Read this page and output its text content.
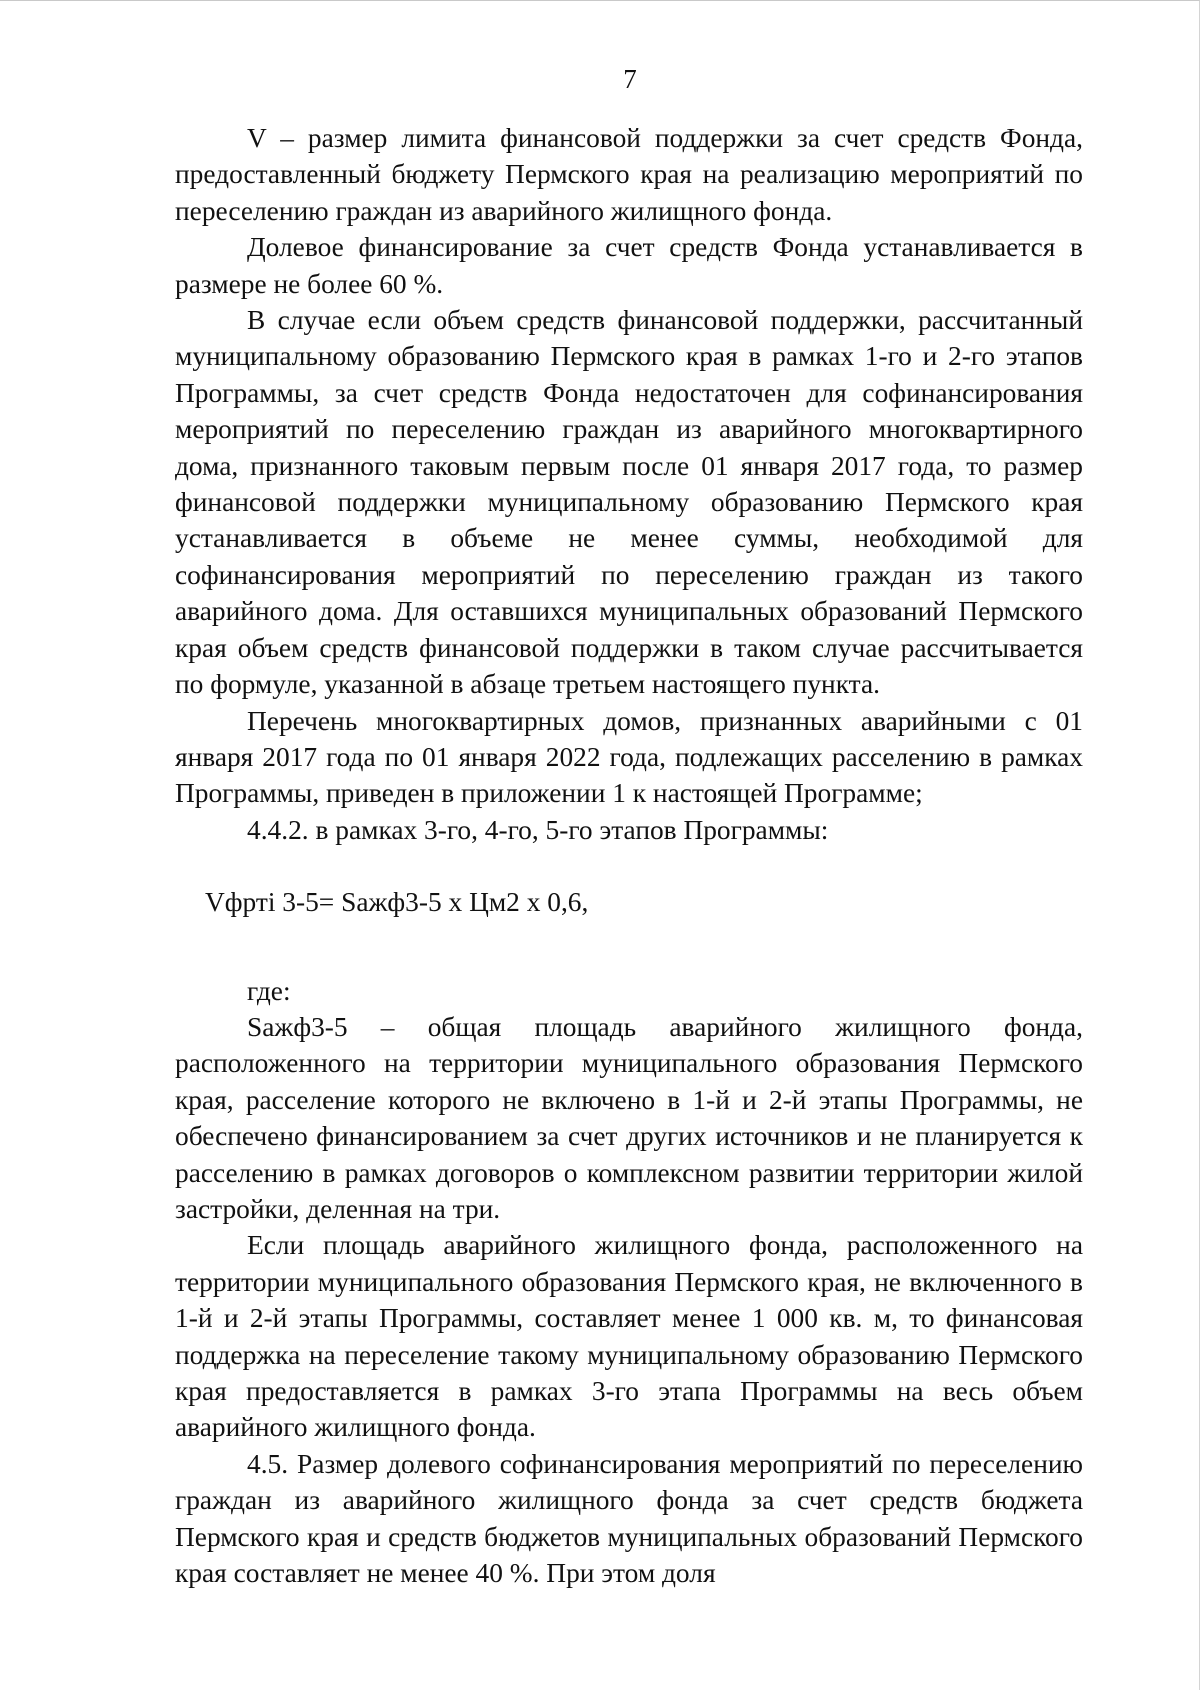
7

V – размер лимита финансовой поддержки за счет средств Фонда, предоставленный бюджету Пермского края на реализацию мероприятий по переселению граждан из аварийного жилищного фонда.

Долевое финансирование за счет средств Фонда устанавливается в размере не более 60 %.

В случае если объем средств финансовой поддержки, рассчитанный муниципальному образованию Пермского края в рамках 1-го и 2-го этапов Программы, за счет средств Фонда недостаточен для софинансирования мероприятий по переселению граждан из аварийного многоквартирного дома, признанного таковым первым после 01 января 2017 года, то размер финансовой поддержки муниципальному образованию Пермского края устанавливается в объеме не менее суммы, необходимой для софинансирования мероприятий по переселению граждан из такого аварийного дома. Для оставшихся муниципальных образований Пермского края объем средств финансовой поддержки в таком случае рассчитывается по формуле, указанной в абзаце третьем настоящего пункта.

Перечень многоквартирных домов, признанных аварийными с 01 января 2017 года по 01 января 2022 года, подлежащих расселению в рамках Программы, приведен в приложении 1 к настоящей Программе;

4.4.2. в рамках 3-го, 4-го, 5-го этапов Программы:

Vфртi 3-5= Sажф3-5 х Цм2 х 0,6,

где:

Sажф3-5 – общая площадь аварийного жилищного фонда, расположенного на территории муниципального образования Пермского края, расселение которого не включено в 1-й и 2-й этапы Программы, не обеспечено финансированием за счет других источников и не планируется к расселению в рамках договоров о комплексном развитии территории жилой застройки, деленная на три.

Если площадь аварийного жилищного фонда, расположенного на территории муниципального образования Пермского края, не включенного в 1-й и 2-й этапы Программы, составляет менее 1 000 кв. м, то финансовая поддержка на переселение такому муниципальному образованию Пермского края предоставляется в рамках 3-го этапа Программы на весь объем аварийного жилищного фонда.

4.5. Размер долевого софинансирования мероприятий по переселению граждан из аварийного жилищного фонда за счет средств бюджета Пермского края и средств бюджетов муниципальных образований Пермского края составляет не менее 40 %. При этом доля
